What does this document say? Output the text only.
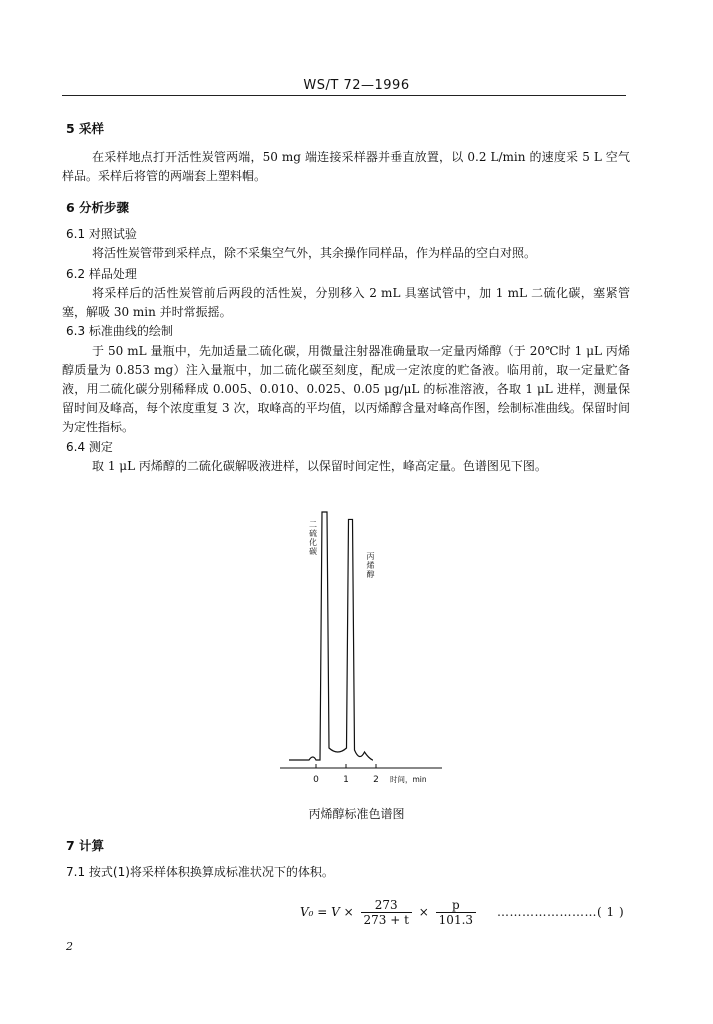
WS/T 72—1996
5 采样
在采样地点打开活性炭管两端，50 mg 端连接采样器并垂直放置，以 0.2 L/min 的速度采 5 L 空气样品。采样后将管的两端套上塑料帽。
6 分析步骤
6.1 对照试验
将活性炭管带到采样点，除不采集空气外，其余操作同样品，作为样品的空白对照。
6.2 样品处理
将采样后的活性炭管前后两段的活性炭，分别移入 2 mL 具塞试管中，加 1 mL 二硫化碳，塞紧管塞，解吸 30 min 并时常振摇。
6.3 标准曲线的绘制
于 50 mL 量瓶中，先加适量二硫化碳，用微量注射器准确量取一定量丙烯醇（于 20℃时 1 μL 丙烯醇质量为 0.853 mg）注入量瓶中，加二硫化碳至刻度，配成一定浓度的贮备液。临用前，取一定量贮备液，用二硫化碳分别稀释成 0.005、0.010、0.025、0.05 μg/μL 的标准溶液，各取 1 μL 进样，测量保留时间及峰高，每个浓度重复 3 次，取峰高的平均值，以丙烯醇含量对峰高作图，绘制标准曲线。保留时间为定性指标。
6.4 测定
取 1 μL 丙烯醇的二硫化碳解吸液进样，以保留时间定性，峰高定量。色谱图见下图。
0	1	2 时间，min
二硫化碳
丙烯醇
丙烯醇标准色谱图
7 计算
7.1 按式(1)将采样体积换算成标准状况下的体积。
$V_0 = V \times \frac{273}{273 + t} \times \frac{p}{101.3}$ ……………………( 1 )
2
